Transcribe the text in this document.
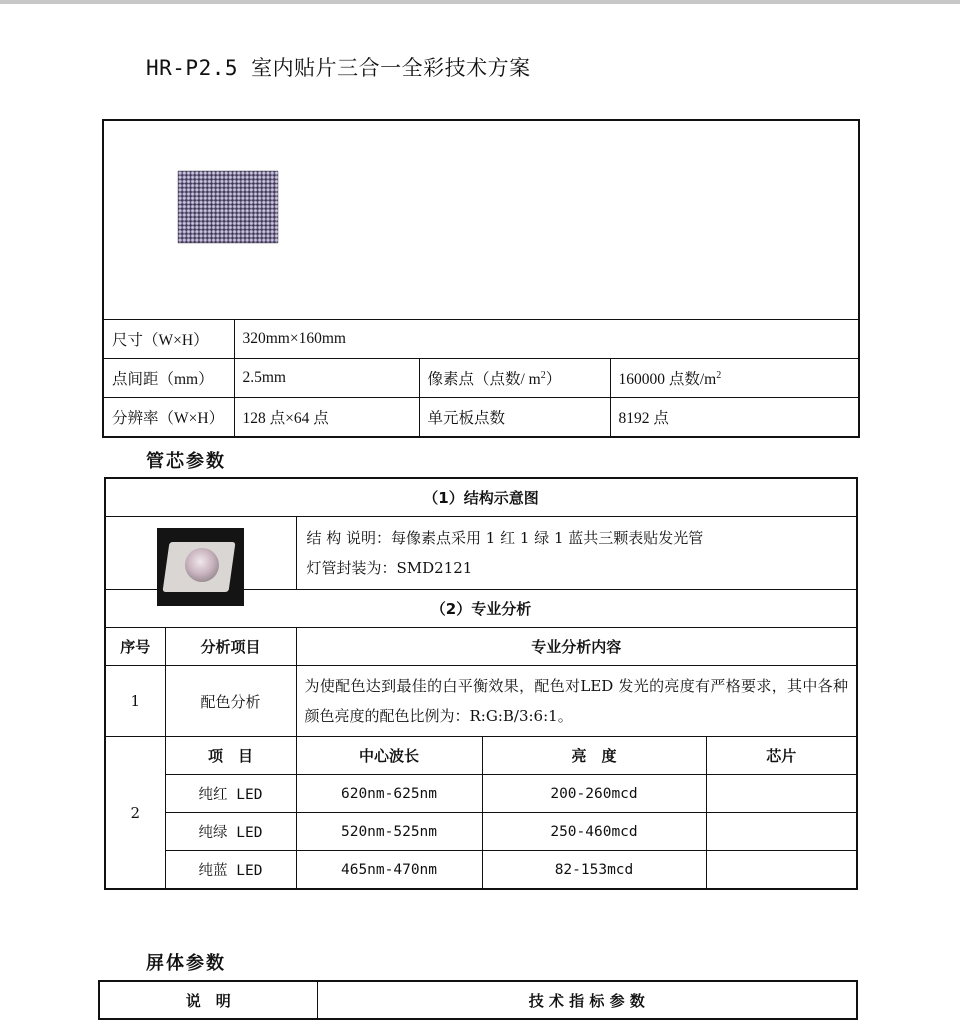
HR-P2.5 室内贴片三合一全彩技术方案

尺寸（W×H）	320mm×160mm		
点间距（mm）	2.5mm	像素点（点数/ $m^2$）	160000 点数$/m^2$
分辨率（W×H）	128 点×64 点	单元板点数	8192 点
管芯参数
（1）结构示意图				

		结 构 说明：每像素点采用 1 红 1 绿 1 蓝共三颗表贴发光管
灯管封装为：SMD2121		

（2）专业分析				
序号	分析项目	专业分析内容		
1	配色分析	为使配色达到最佳的白平衡效果，配色对LED 发光的亮度有严格要求，其中各种颜色亮度的配色比例为：R:G:B/3:6:1。		
2	项　目	中心波长	亮　度	芯片
	纯红 LED	620nm-625nm	200-260mcd	
	纯绿 LED	520nm-525nm	250-460mcd	
	纯蓝 LED	465nm-470nm	82-153mcd	
屏体参数
说　明	技 术 指 标 参 数
